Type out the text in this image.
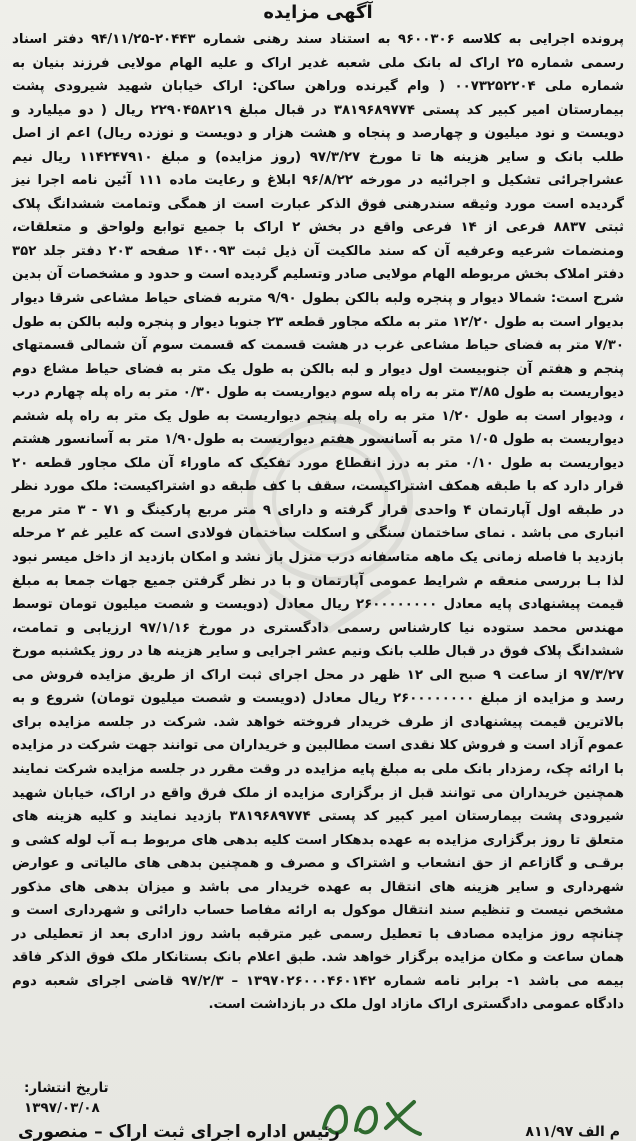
آگهی مزایده

پرونده اجرایی به کلاسه ۹۶۰۰۳۰۶ به استناد سند رهنی شماره ۲۰۴۴۳-۹۴/۱۱/۲۵ دفتر اسناد رسمی شماره ۲۵ اراک له بانک ملی شعبه غدیر اراک و علیه الهام مولایی فرزند بنیان به شماره ملی ۰۰۷۳۲۵۲۲۰۴ ( وام گیرنده وراهن ساکن: اراک خیابان شهید شیرودی پشت بیمارستان امیر کبیر کد پستی ۳۸۱۹۶۸۹۷۷۴ در قبال مبلغ ۲۲۹۰۴۵۸۲۱۹ ریال ( دو میلیارد و دویست و نود میلیون و چهارصد و پنجاه و هشت هزار و دویست و نوزده ریال) اعم از اصل طلب بانک و سایر هزینه ها تا مورخ ۹۷/۳/۲۷ (روز مزایده) و مبلغ ۱۱۴۲۴۷۹۱۰ ریال نیم عشراجرائی تشکیل و اجرائیه در مورخه ۹۶/۸/۲۲ ابلاغ و رعایت ماده ۱۱۱ آئین نامه اجرا نیز گردیده است مورد وثیقه سندرهنی فوق الذکر عبارت است از همگی وتمامت ششدانگ پلاک ثبتی ۸۸۳۷ فرعی از ۱۴ فرعی واقع در بخش ۲ اراک با جمیع توابع ولواحق و متعلقات، ومنضمات شرعیه وعرفیه آن که سند مالکیت آن ذیل ثبت ۱۴۰۰۹۳ صفحه ۲۰۳ دفتر جلد ۳۵۲ دفتر املاک بخش مربوطه الهام مولایی صادر وتسلیم گردیده است و حدود و مشخصات آن بدین شرح است: شمالا دیوار و پنجره ولبه بالکن بطول ۹/۹۰ متربه فضای حیاط مشاعی شرقا دیوار بدیوار است به طول ۱۲/۲۰ متر به ملکه مجاور قطعه ۲۳ جنوبا دیوار و پنجره ولبه بالکن به طول ۷/۳۰ متر به فضای حیاط مشاعی غرب در هشت قسمت که قسمت سوم آن شمالی قسمتهای پنجم و هفتم آن جنوبیست اول دیوار و لبه بالکن به طول یک متر به فضای حیاط مشاع دوم دیواریست به طول ۳/۸۵ متر به راه پله سوم دیواریست به طول ۰/۳۰ متر به راه پله چهارم درب ، ودیوار است به طول ۱/۲۰ متر به راه پله پنجم دیواریست به طول یک متر به راه پله ششم دیواریست به طول ۱/۰۵ متر به آسانسور هفتم دیواریست به طول۱/۹۰ متر به آسانسور هشتم دیواریست به طول ۰/۱۰ متر به درز انقطاع مورد تفکیک که ماوراء آن ملک مجاور قطعه ۲۰ قرار دارد که با طبقه همکف اشتراکیست، سقف با کف طبقه دو اشتراکیست: ملک مورد نظر در طبقه اول آپارتمان ۴ واحدی قرار گرفته و دارای ۹ متر مربع پارکینگ و ۷۱ - ۳ متر مربع انباری می باشد . نمای ساختمان سنگی و اسکلت ساختمان فولادی است که علیر غم ۲ مرحله بازدید با فاصله زمانی یک ماهه متاسفانه درب منزل باز نشد و امکان بازدید از داخل میسر نبود لذا بـا بررسی منعقه م شرایط عمومی آپارتمان و با در نظر گرفتن جمیع جهات جمعا به مبلغ قیمت پیشنهادی پایه معادل ۲۶۰۰۰۰۰۰۰۰ ریال معادل (دویست و شصت میلیون تومان توسط مهندس محمد ستوده نیا کارشناس رسمی دادگستری در مورخ ۹۷/۱/۱۶ ارزیابی و تمامت، ششدانگ پلاک فوق در قبال طلب بانک ونیم عشر اجرایی و سایر هزینه ها در روز یکشنبه مورخ ۹۷/۳/۲۷ از ساعت ۹ صبح الی ۱۲ ظهر در محل اجرای ثبت اراک از طریق مزایده فروش می رسد و مزایده از مبلغ ۲۶۰۰۰۰۰۰۰۰ ریال معادل (دویست و شصت میلیون تومان) شروع و به بالاترین قیمت پیشنهادی از طرف خریدار فروخته خواهد شد. شرکت در جلسه مزایده برای عموم آزاد است و فروش کلا نقدی است مطالبین و خریداران می توانند جهت شرکت در مزایده با ارائه چک، رمزدار بانک ملی به مبلغ پایه مزایده در وقت مقرر در جلسه مزایده شرکت نمایند همچنین خریداران می توانند قبل از برگزاری مزایده از ملک فرق واقع در اراک، خیابان شهید شیرودی پشت بیمارستان امیر کبیر کد پستی ۳۸۱۹۶۸۹۷۷۴ بازدید نمایند و کلیه هزینه های متعلق تا روز برگزاری مزایده به عهده بدهکار است کلیه بدهی های مربوط بـه آب لوله کشی و برقـی و گازاعم از حق انشعاب و اشتراک و مصرف و همچنین بدهی های مالیاتی و عوارض شهرداری و سایر هزینه های انتقال به عهده خریدار می باشد و میزان بدهی های مذکور مشخص نیست و تنظیم سند انتقال موکول به ارائه مفاصا حساب دارائی و شهرداری است و چنانچه روز مزایده مصادف با تعطیل رسمی غیر مترقبه باشد روز اداری بعد از تعطیلی در همان ساعت و مکان مزایده برگزار خواهد شد. طبق اعلام بانک بستانکار ملک فوق الذکر فاقد بیمه می باشد ۱- برابر نامه شماره ۱۳۹۷۰۲۶۰۰۰۴۶۰۱۴۲ – ۹۷/۲/۳ قاضی اجرای شعبه دوم دادگاه عمومی دادگستری اراک مازاد اول ملک در بازداشت است.

تاریخ انتشار:
۱۳۹۷/۰۳/۰۸
رئیس اداره اجرای ثبت اراک – منصوری	م الف ۸۱۱/۹۷
